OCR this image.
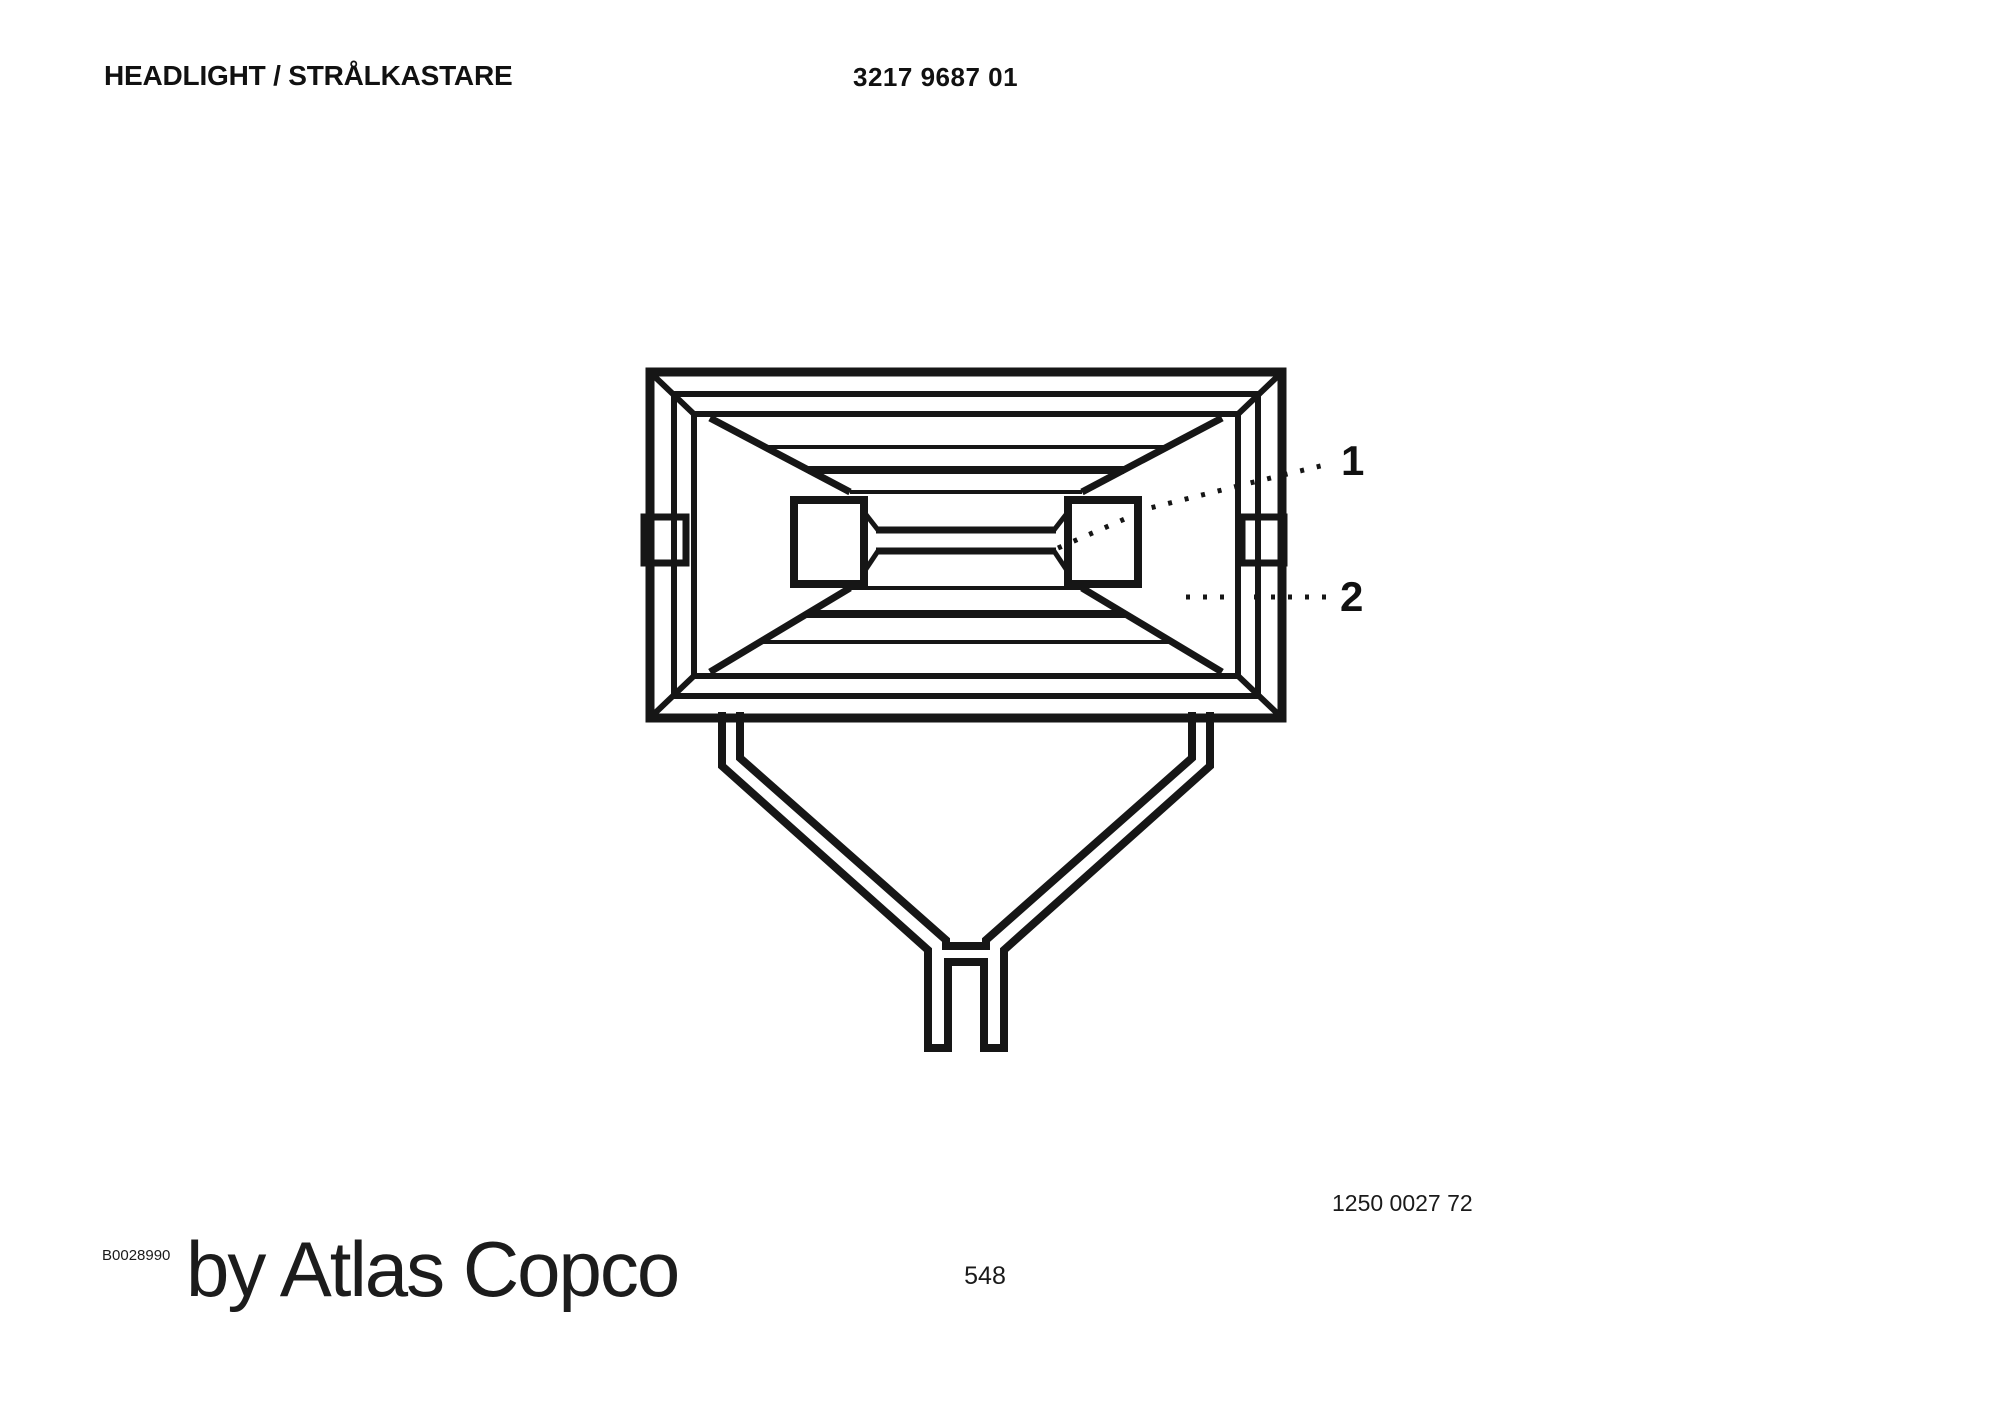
HEADLIGHT / STRÅLKASTARE	3217 9687 01
1
2
1250 0027 72
B0028990 by Atlas Copco	548
